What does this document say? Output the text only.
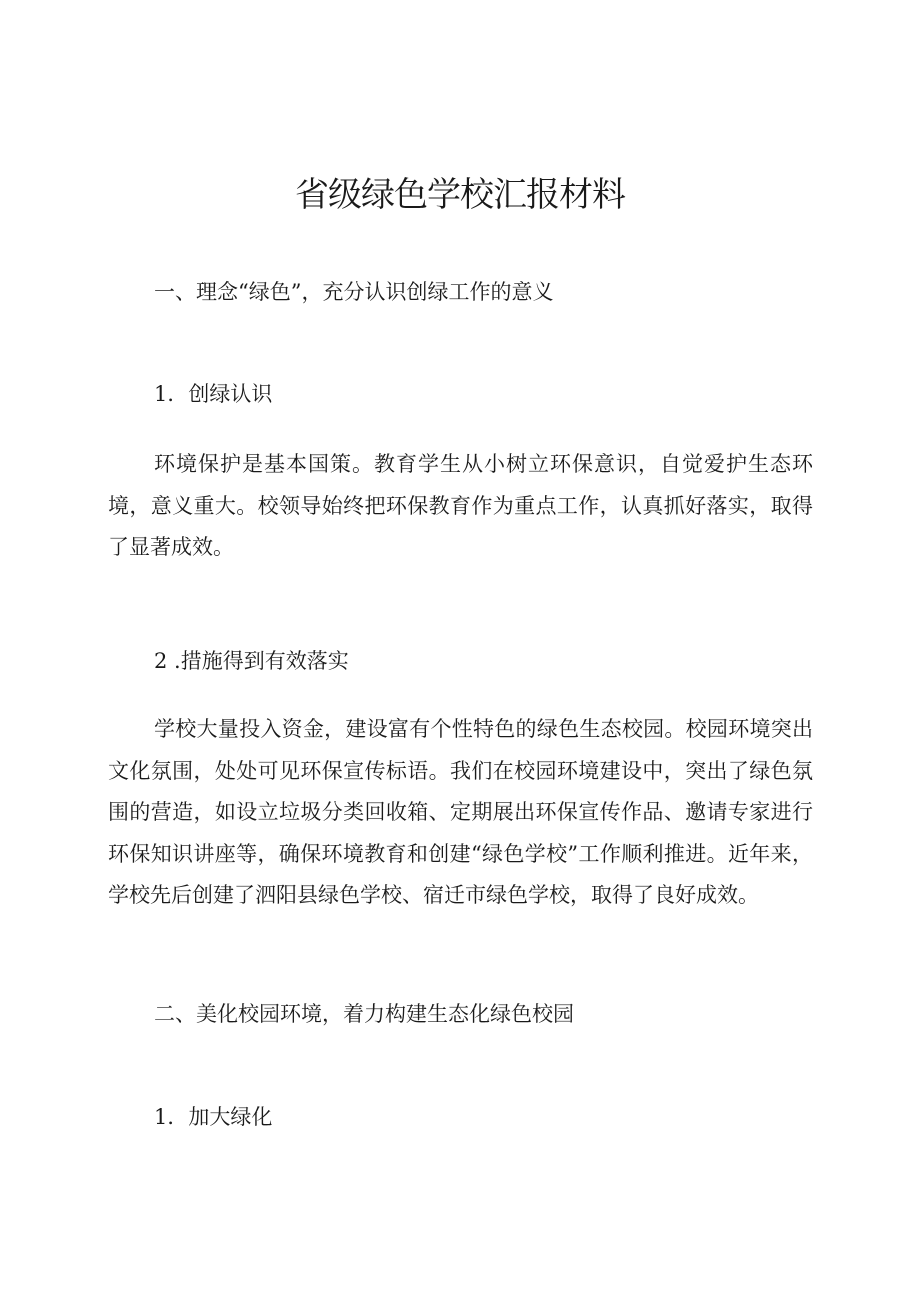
省级绿色学校汇报材料

一、理念“绿色”，充分认识创绿工作的意义

1．创绿认识

环境保护是基本国策。教育学生从小树立环保意识，自觉爱护生态环境，意义重大。校领导始终把环保教育作为重点工作，认真抓好落实，取得了显著成效。

2 .措施得到有效落实

学校大量投入资金，建设富有个性特色的绿色生态校园。校园环境突出文化氛围，处处可见环保宣传标语。我们在校园环境建设中，突出了绿色氛围的营造，如设立垃圾分类回收箱、定期展出环保宣传作品、邀请专家进行环保知识讲座等，确保环境教育和创建“绿色学校”工作顺利推进。近年来，学校先后创建了泗阳县绿色学校、宿迁市绿色学校，取得了良好成效。

二、美化校园环境，着力构建生态化绿色校园

1．加大绿化
